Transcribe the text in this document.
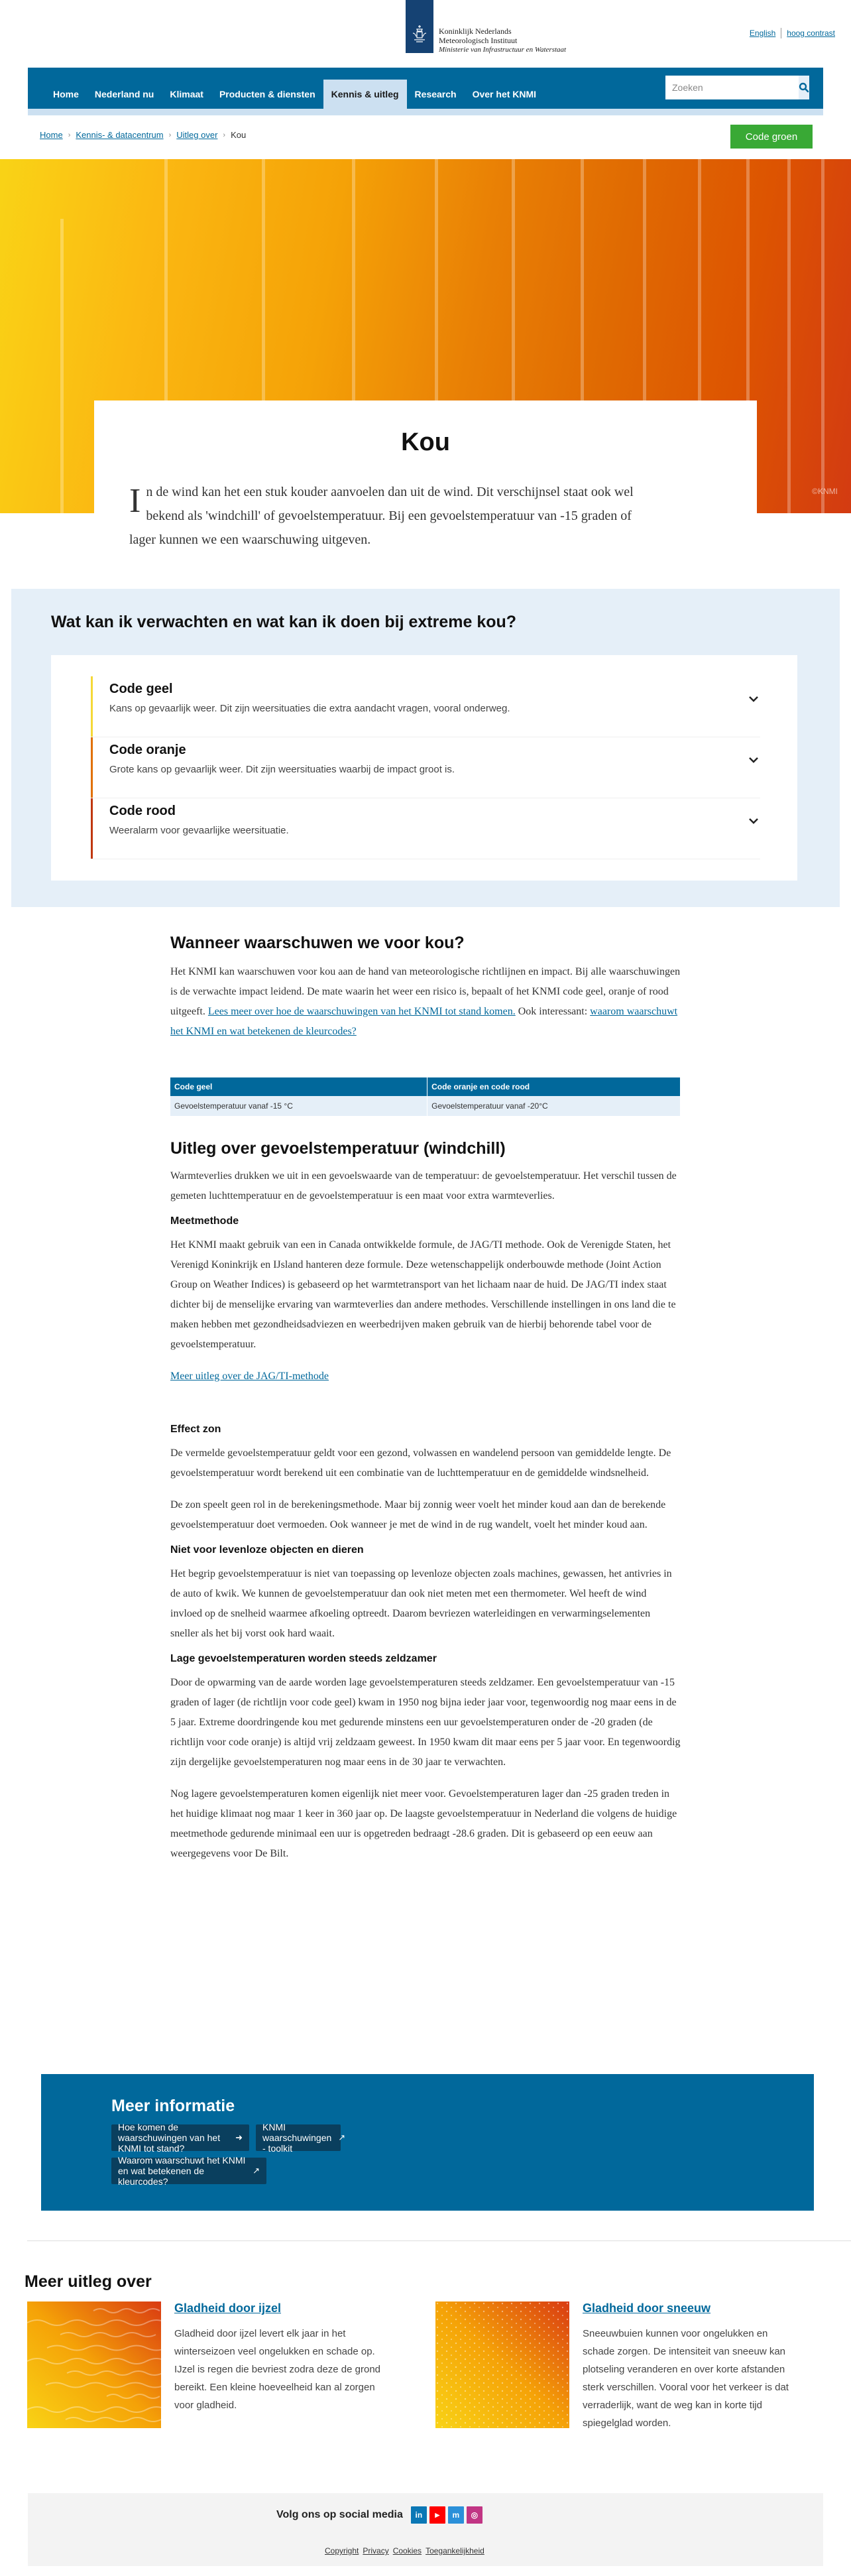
Koninklijk Nederlands
Meteorologisch Instituut
Ministerie van Infrastructuur en Waterstaat
English hoog contrast
Home	Nederland nu	Klimaat	Producten & diensten	Kennis & uitleg	Research	Over het KNMI
Zoeken
Home › Kennis- & datacentrum › Uitleg over › Kou	Code groen
©KNMI
Kou

In de wind kan het een stuk kouder aanvoelen dan uit de wind. Dit verschijnsel staat ook wel bekend als 'windchill' of gevoelstemperatuur. Bij een gevoelstemperatuur van -15 graden of lager kunnen we een waarschuwing uitgeven.

Wat kan ik verwachten en wat kan ik doen bij extreme kou?
Code geel
Kans op gevaarlijk weer. Dit zijn weersituaties die extra aandacht vragen, vooral onderweg.
Code oranje
Grote kans op gevaarlijk weer. Dit zijn weersituaties waarbij de impact groot is.
Code rood
Weeralarm voor gevaarlijke weersituatie.
Wanneer waarschuwen we voor kou?

Het KNMI kan waarschuwen voor kou aan de hand van meteorologische richtlijnen en impact. Bij alle waarschuwingen is de verwachte impact leidend. De mate waarin het weer een risico is, bepaalt of het KNMI code geel, oranje of rood uitgeeft. Lees meer over hoe de waarschuwingen van het KNMI tot stand komen. Ook interessant: waarom waarschuwt het KNMI en wat betekenen de kleurcodes?

Code geel	Code oranje en code rood
Gevoelstemperatuur vanaf -15 °C	Gevoelstemperatuur vanaf -20°C
Uitleg over gevoelstemperatuur (windchill)

Warmteverlies drukken we uit in een gevoelswaarde van de temperatuur: de gevoelstemperatuur. Het verschil tussen de gemeten luchttemperatuur en de gevoelstemperatuur is een maat voor extra warmteverlies.

Meetmethode

Het KNMI maakt gebruik van een in Canada ontwikkelde formule, de JAG/TI methode. Ook de Verenigde Staten, het Verenigd Koninkrijk en IJsland hanteren deze formule. Deze wetenschappelijk onderbouwde methode (Joint Action Group on Weather Indices) is gebaseerd op het warmtetransport van het lichaam naar de huid. De JAG/TI index staat dichter bij de menselijke ervaring van warmteverlies dan andere methodes. Verschillende instellingen in ons land die te maken hebben met gezondheidsadviezen en weerbedrijven maken gebruik van de hierbij behorende tabel voor de gevoelstemperatuur.

Meer uitleg over de JAG/TI-methode

Effect zon

De vermelde gevoelstemperatuur geldt voor een gezond, volwassen en wandelend persoon van gemiddelde lengte. De gevoelstemperatuur wordt berekend uit een combinatie van de luchttemperatuur en de gemiddelde windsnelheid.

De zon speelt geen rol in de berekeningsmethode. Maar bij zonnig weer voelt het minder koud aan dan de berekende gevoelstemperatuur doet vermoeden. Ook wanneer je met de wind in de rug wandelt, voelt het minder koud aan.

Niet voor levenloze objecten en dieren

Het begrip gevoelstemperatuur is niet van toepassing op levenloze objecten zoals machines, gewassen, het antivries in de auto of kwik. We kunnen de gevoelstemperatuur dan ook niet meten met een thermometer. Wel heeft de wind invloed op de snelheid waarmee afkoeling optreedt. Daarom bevriezen waterleidingen en verwarmingselementen sneller als het bij vorst ook hard waait.

Lage gevoelstemperaturen worden steeds zeldzamer

Door de opwarming van de aarde worden lage gevoelstemperaturen steeds zeldzamer. Een gevoelstemperatuur van -15 graden of lager (de richtlijn voor code geel) kwam in 1950 nog bijna ieder jaar voor, tegenwoordig nog maar eens in de 5 jaar. Extreme doordringende kou met gedurende minstens een uur gevoelstemperaturen onder de -20 graden (de richtlijn voor code oranje) is altijd vrij zeldzaam geweest. In 1950 kwam dit maar eens per 5 jaar voor. En tegenwoordig zijn dergelijke gevoelstemperaturen nog maar eens in de 30 jaar te verwachten.

Nog lagere gevoelstemperaturen komen eigenlijk niet meer voor. Gevoelstemperaturen lager dan -25 graden treden in het huidige klimaat nog maar 1 keer in 360 jaar op. De laagste gevoelstemperatuur in Nederland die volgens de huidige meetmethode gedurende minimaal een uur is opgetreden bedraagt -28.6 graden. Dit is gebaseerd op een eeuw aan weergegevens voor De Bilt.

Meer informatie
Hoe komen de waarschuwingen van het KNMI tot stand?
➜
KNMI waarschuwingen - toolkit
↗
Waarom waarschuwt het KNMI en wat betekenen de kleurcodes?
↗
Meer uitleg over
Gladheid door ijzel

Gladheid door ijzel levert elk jaar in het winterseizoen veel ongelukken en schade op. IJzel is regen die bevriest zodra deze de grond bereikt. Een kleine hoeveelheid kan al zorgen voor gladheid.

Gladheid door sneeuw

Sneeuwbuien kunnen voor ongelukken en schade zorgen. De intensiteit van sneeuw kan plotseling veranderen en over korte afstanden sterk verschillen. Vooral voor het verkeer is dat verraderlijk, want de weg kan in korte tijd spiegelglad worden.

Volg ons op social media	in	▶	m	◎
Copyright Privacy Cookies Toegankelijkheid
